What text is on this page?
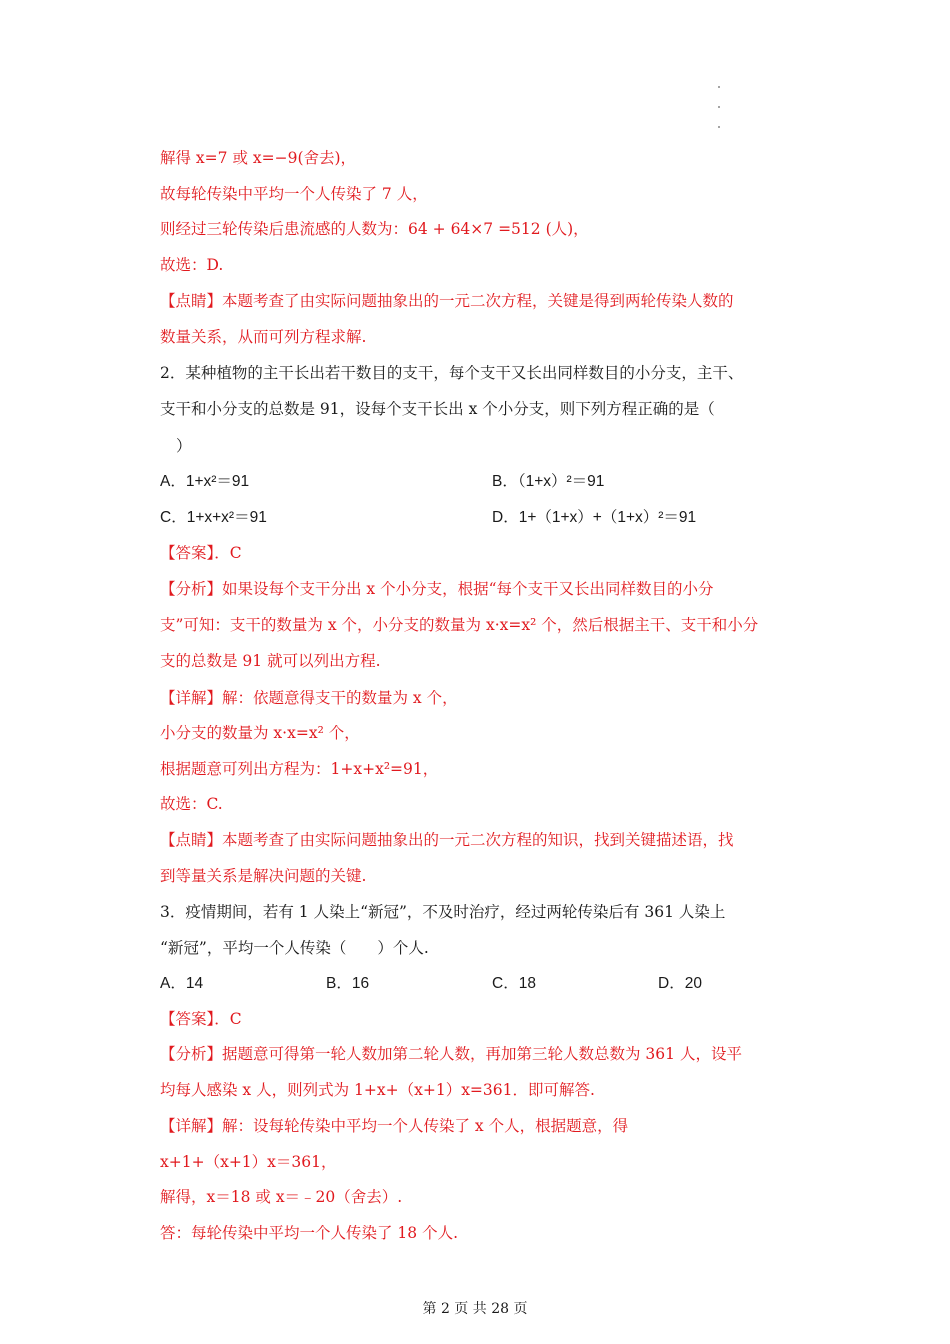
解得 x=7 或 x=−9(舍去)，
故每轮传染中平均一个人传染了 7 人，
则经过三轮传染后患流感的人数为：64 + 64×7 =512 (人)，
故选：D.
【点睛】本题考查了由实际问题抽象出的一元二次方程，关键是得到两轮传染人数的
数量关系，从而可列方程求解.
2．某种植物的主干长出若干数目的支干，每个支干又长出同样数目的小分支，主干、
支干和小分支的总数是 91，设每个支干长出 x 个小分支，则下列方程正确的是（
）
A．1+x²＝91	B．（1+x）²＝91
C．1+x+x²＝91	D．1+（1+x）+（1+x）²＝91
【答案】．C
【分析】如果设每个支干分出 x 个小分支，根据“每个支干又长出同样数目的小分
支”可知：支干的数量为 x 个，小分支的数量为 x·x=x² 个，然后根据主干、支干和小分
支的总数是 91 就可以列出方程.
【详解】解：依题意得支干的数量为 x 个，
小分支的数量为 x·x=x² 个，
根据题意可列出方程为：1+x+x²=91，
故选：C.
【点睛】本题考查了由实际问题抽象出的一元二次方程的知识，找到关键描述语，找
到等量关系是解决问题的关键.
3．疫情期间，若有 1 人染上“新冠”，不及时治疗，经过两轮传染后有 361 人染上
“新冠”，平均一个人传染（　　）个人.
A．14	B．16	C．18	D．20
【答案】．C
【分析】据题意可得第一轮人数加第二轮人数，再加第三轮人数总数为 361 人，设平
均每人感染 x 人，则列式为 1+x+（x+1）x=361．即可解答.
【详解】解：设每轮传染中平均一个人传染了 x 个人，根据题意，得
x+1+（x+1）x＝361，
解得，x＝18 或 x＝﹣20（舍去）.
答：每轮传染中平均一个人传染了 18 个人.
第 2 页 共 28 页
